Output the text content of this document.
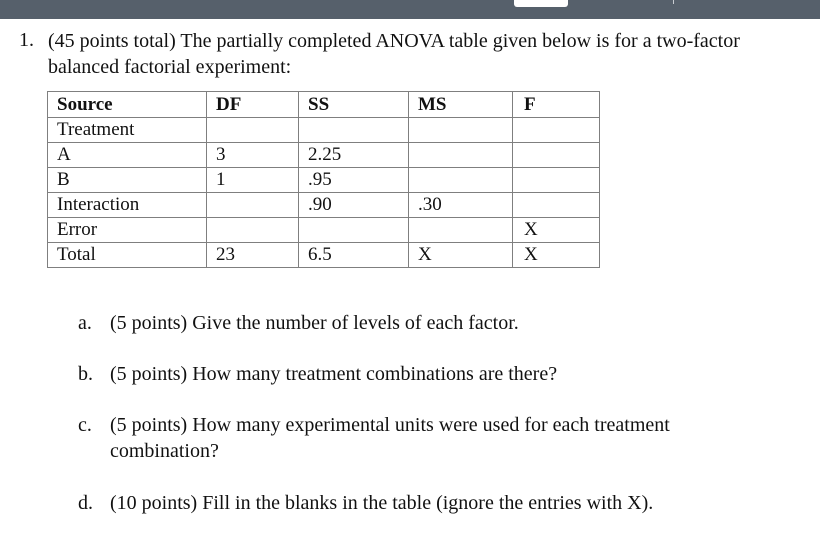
1. (45 points total) The partially completed ANOVA table given below is for a two-factor balanced factorial experiment:
Source	DF	SS	MS	F
Treatment				
A	3	2.25		
B	1	.95		
Interaction		.90	.30	
Error				X
Total	23	6.5	X	X
a. (5 points) Give the number of levels of each factor.
b. (5 points) How many treatment combinations are there?
c. (5 points) How many experimental units were used for each treatment combination?
d. (10 points) Fill in the blanks in the table (ignore the entries with X).
